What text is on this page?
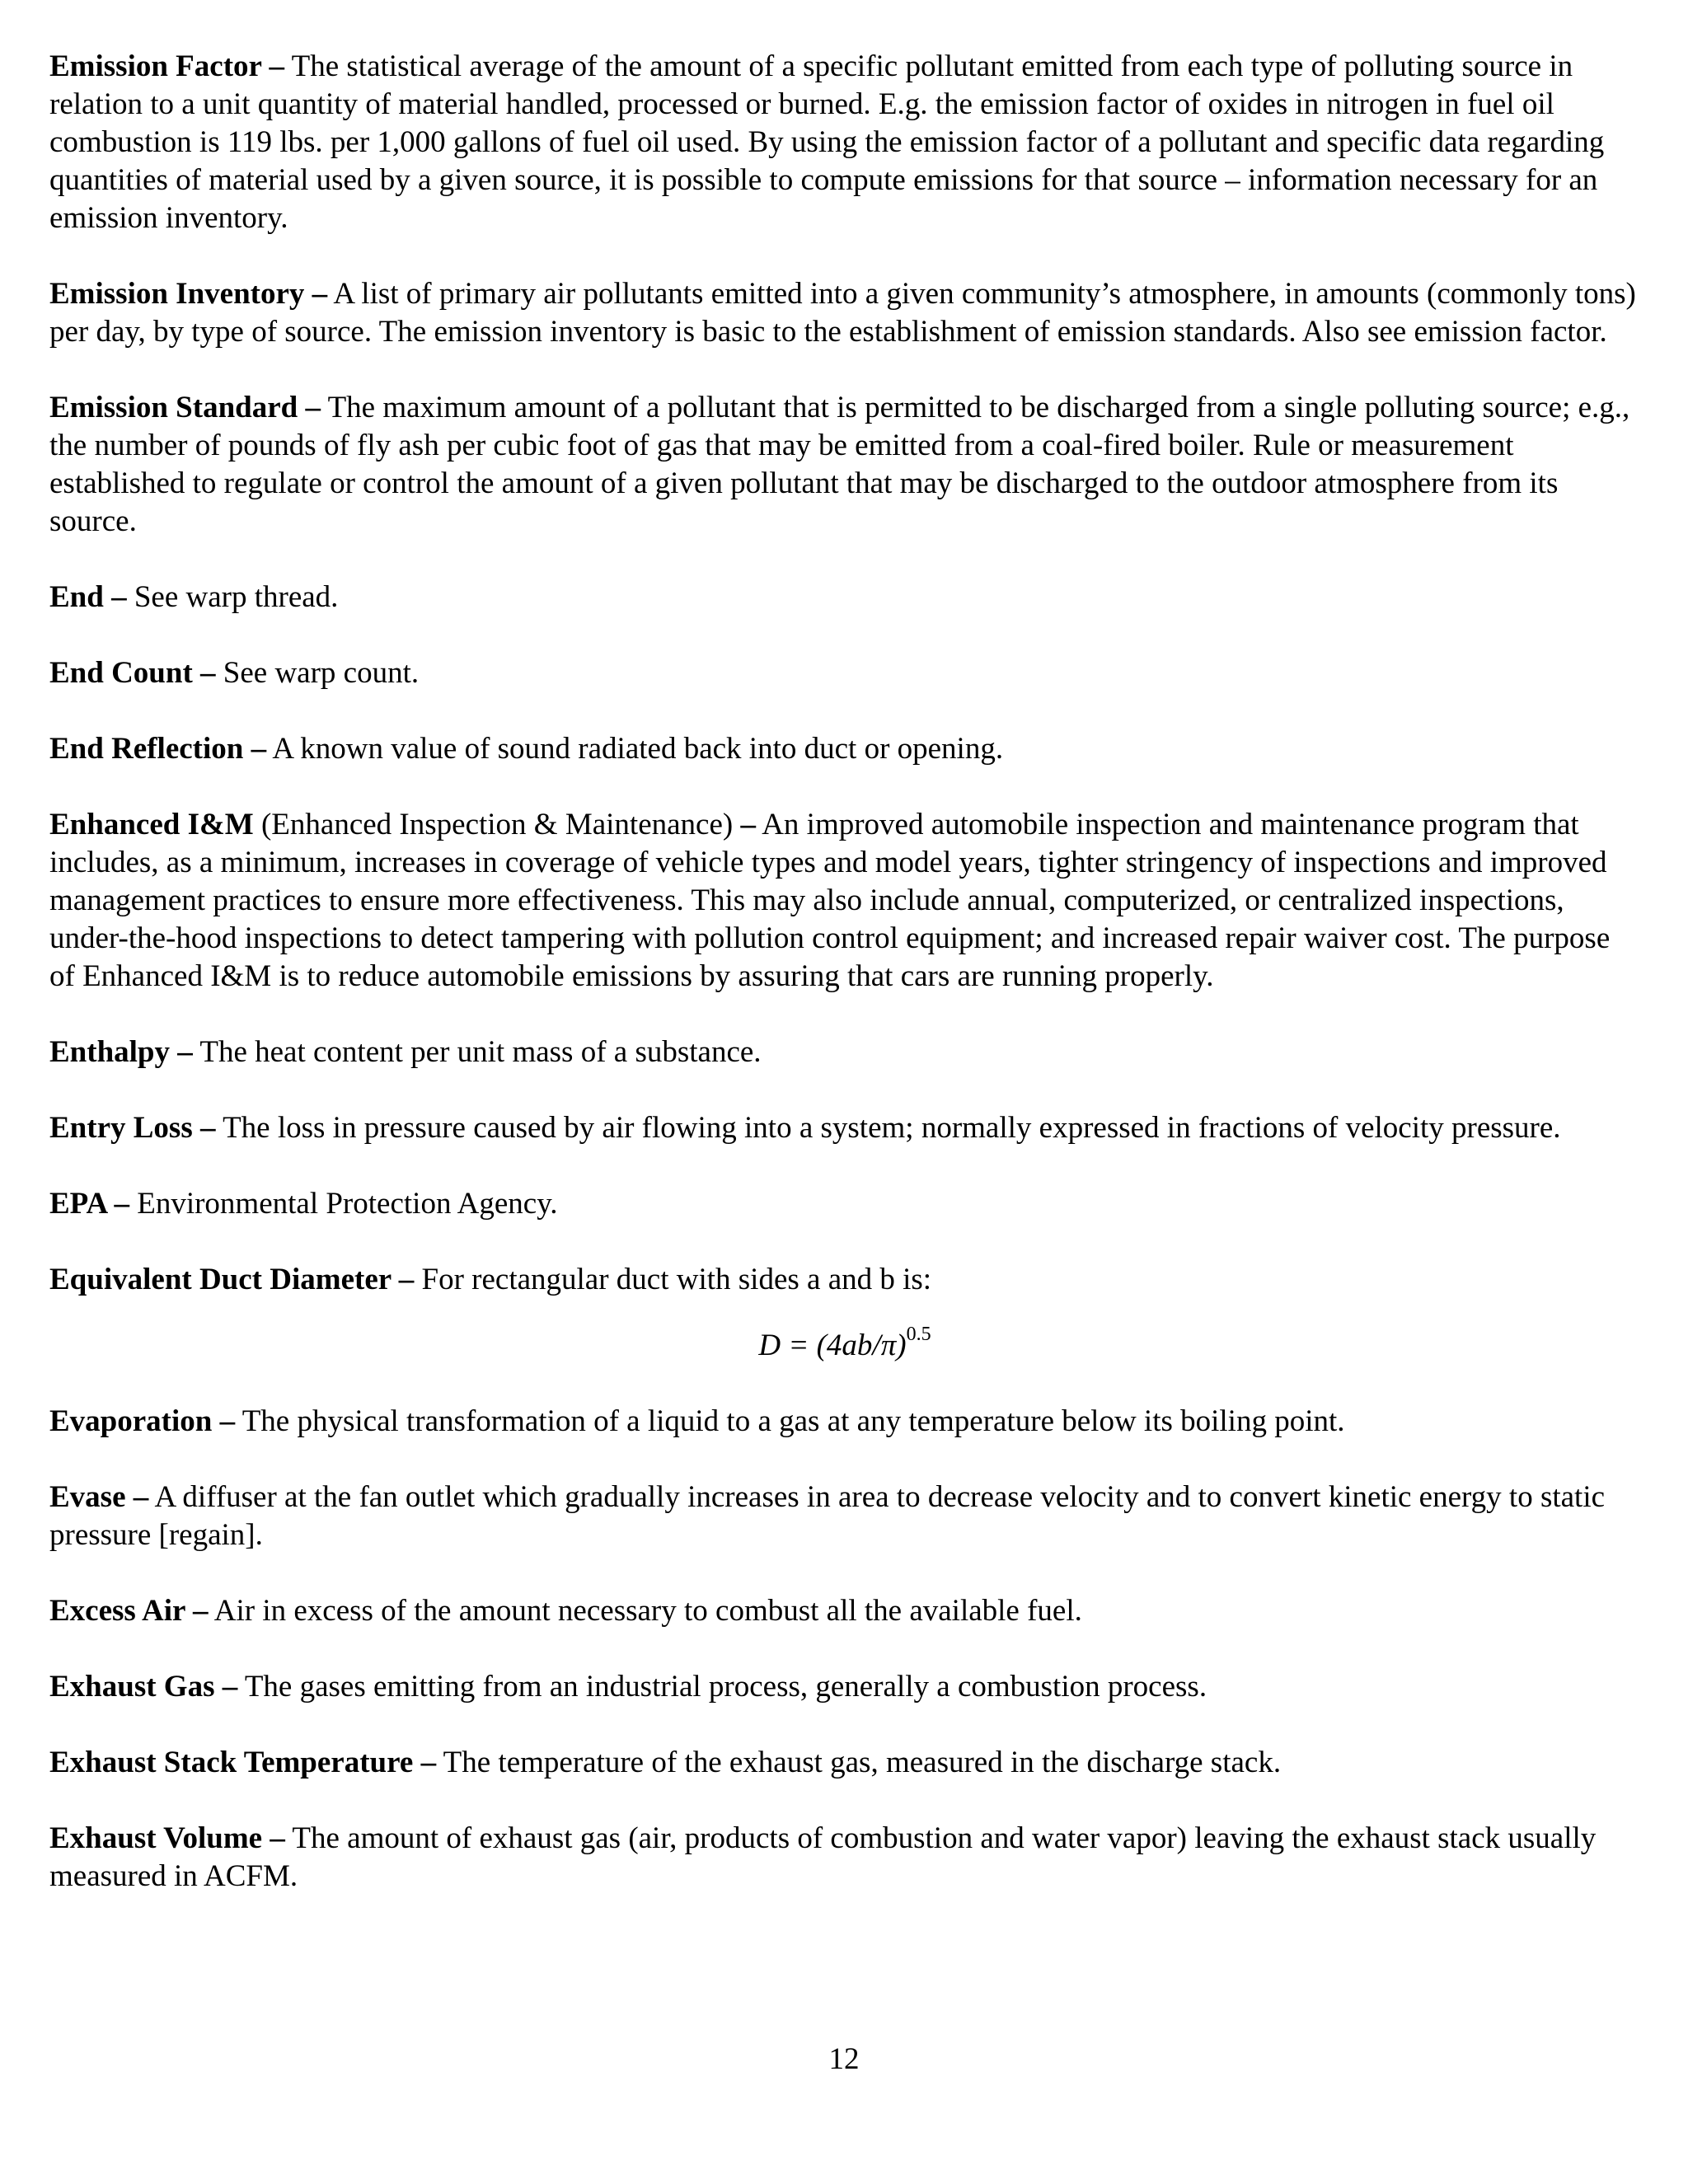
Emission Factor – The statistical average of the amount of a specific pollutant emitted from each type of polluting source in relation to a unit quantity of material handled, processed or burned. E.g. the emission factor of oxides in nitrogen in fuel oil combustion is 119 lbs. per 1,000 gallons of fuel oil used. By using the emission factor of a pollutant and specific data regarding quantities of material used by a given source, it is possible to compute emissions for that source – information necessary for an emission inventory.

Emission Inventory – A list of primary air pollutants emitted into a given community’s atmosphere, in amounts (commonly tons) per day, by type of source. The emission inventory is basic to the establishment of emission standards. Also see emission factor.

Emission Standard – The maximum amount of a pollutant that is permitted to be discharged from a single polluting source; e.g., the number of pounds of fly ash per cubic foot of gas that may be emitted from a coal-fired boiler. Rule or measurement established to regulate or control the amount of a given pollutant that may be discharged to the outdoor atmosphere from its source.

End – See warp thread.

End Count – See warp count.

End Reflection – A known value of sound radiated back into duct or opening.

Enhanced I&M (Enhanced Inspection & Maintenance) – An improved automobile inspection and maintenance program that includes, as a minimum, increases in coverage of vehicle types and model years, tighter stringency of inspections and improved management practices to ensure more effectiveness. This may also include annual, computerized, or centralized inspections, under-the-hood inspections to detect tampering with pollution control equipment; and increased repair waiver cost. The purpose of Enhanced I&M is to reduce automobile emissions by assuring that cars are running properly.

Enthalpy – The heat content per unit mass of a substance.

Entry Loss – The loss in pressure caused by air flowing into a system; normally expressed in fractions of velocity pressure.

EPA – Environmental Protection Agency.

Equivalent Duct Diameter – For rectangular duct with sides a and b is:

$D = (4ab/\pi)^{0.5}$

Evaporation – The physical transformation of a liquid to a gas at any temperature below its boiling point.

Evase – A diffuser at the fan outlet which gradually increases in area to decrease velocity and to convert kinetic energy to static pressure [regain].

Excess Air – Air in excess of the amount necessary to combust all the available fuel.

Exhaust Gas – The gases emitting from an industrial process, generally a combustion process.

Exhaust Stack Temperature – The temperature of the exhaust gas, measured in the discharge stack.

Exhaust Volume – The amount of exhaust gas (air, products of combustion and water vapor) leaving the exhaust stack usually measured in ACFM.

12
